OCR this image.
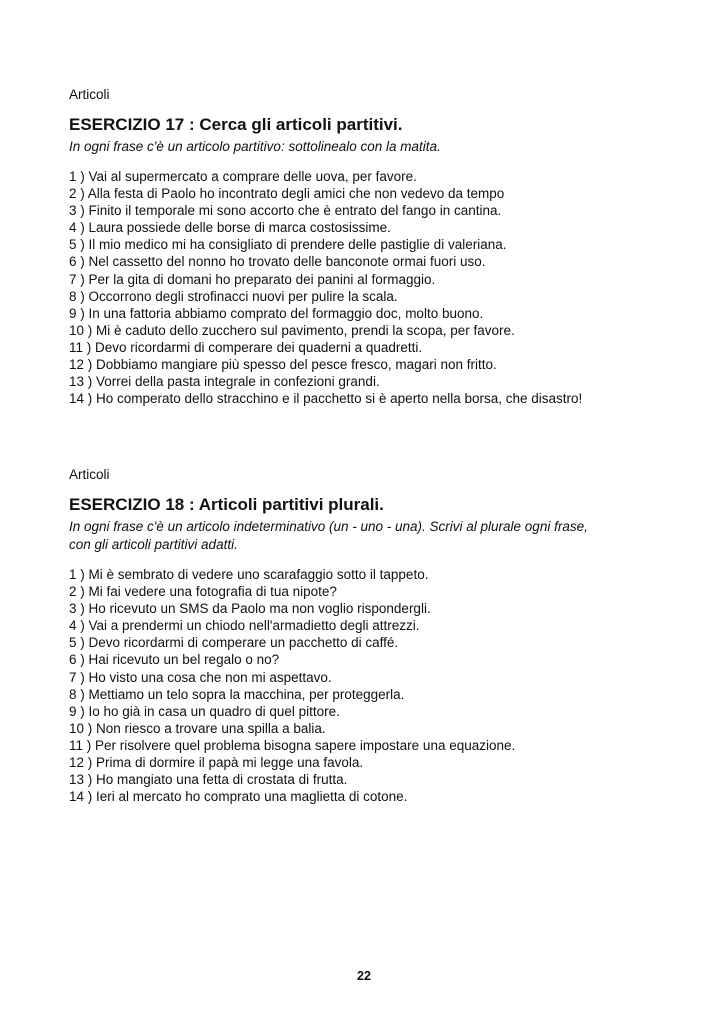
Articoli
ESERCIZIO 17 : Cerca gli articoli partitivi.
In ogni frase c'è un articolo partitivo: sottolinealo con la matita.
1 ) Vai al supermercato a comprare delle uova, per favore.
2 ) Alla festa di Paolo ho incontrato degli amici che non vedevo da tempo
3 ) Finito il temporale mi sono accorto che è entrato del fango in cantina.
4 ) Laura possiede delle borse di marca costosissime.
5 ) Il mio medico mi ha consigliato di prendere delle pastiglie di valeriana.
6 ) Nel cassetto del nonno ho trovato delle banconote ormai fuori uso.
7 ) Per la gita di domani ho preparato dei panini al formaggio.
8 ) Occorrono degli strofinacci nuovi per pulire la scala.
9 ) In una fattoria abbiamo comprato del formaggio doc, molto buono.
10 ) Mi è caduto dello zucchero sul pavimento, prendi la scopa, per favore.
11 ) Devo ricordarmi di comperare dei quaderni a quadretti.
12 ) Dobbiamo mangiare più spesso del pesce fresco, magari non fritto.
13 ) Vorrei della pasta integrale in confezioni grandi.
14 ) Ho comperato dello stracchino e il pacchetto si è aperto nella borsa, che disastro!
Articoli
ESERCIZIO 18 : Articoli partitivi plurali.
In ogni frase c'è un articolo indeterminativo (un - uno - una). Scrivi al plurale ogni frase,
con gli articoli partitivi adatti.
1 ) Mi è sembrato di vedere uno scarafaggio sotto il tappeto.
2 ) Mi fai vedere una fotografia di tua nipote?
3 ) Ho ricevuto un SMS da Paolo ma non voglio rispondergli.
4 ) Vai a prendermi un chiodo nell'armadietto degli attrezzi.
5 ) Devo ricordarmi di comperare un pacchetto di caffé.
6 ) Hai ricevuto un bel regalo o no?
7 ) Ho visto una cosa che non mi aspettavo.
8 ) Mettiamo un telo sopra la macchina, per proteggerla.
9 ) Io ho già in casa un quadro di quel pittore.
10 ) Non riesco a trovare una spilla a balia.
11 ) Per risolvere quel problema bisogna sapere impostare una equazione.
12 ) Prima di dormire il papà mi legge una favola.
13 ) Ho mangiato una fetta di crostata di frutta.
14 ) Ieri al mercato ho comprato una maglietta di cotone.
22
